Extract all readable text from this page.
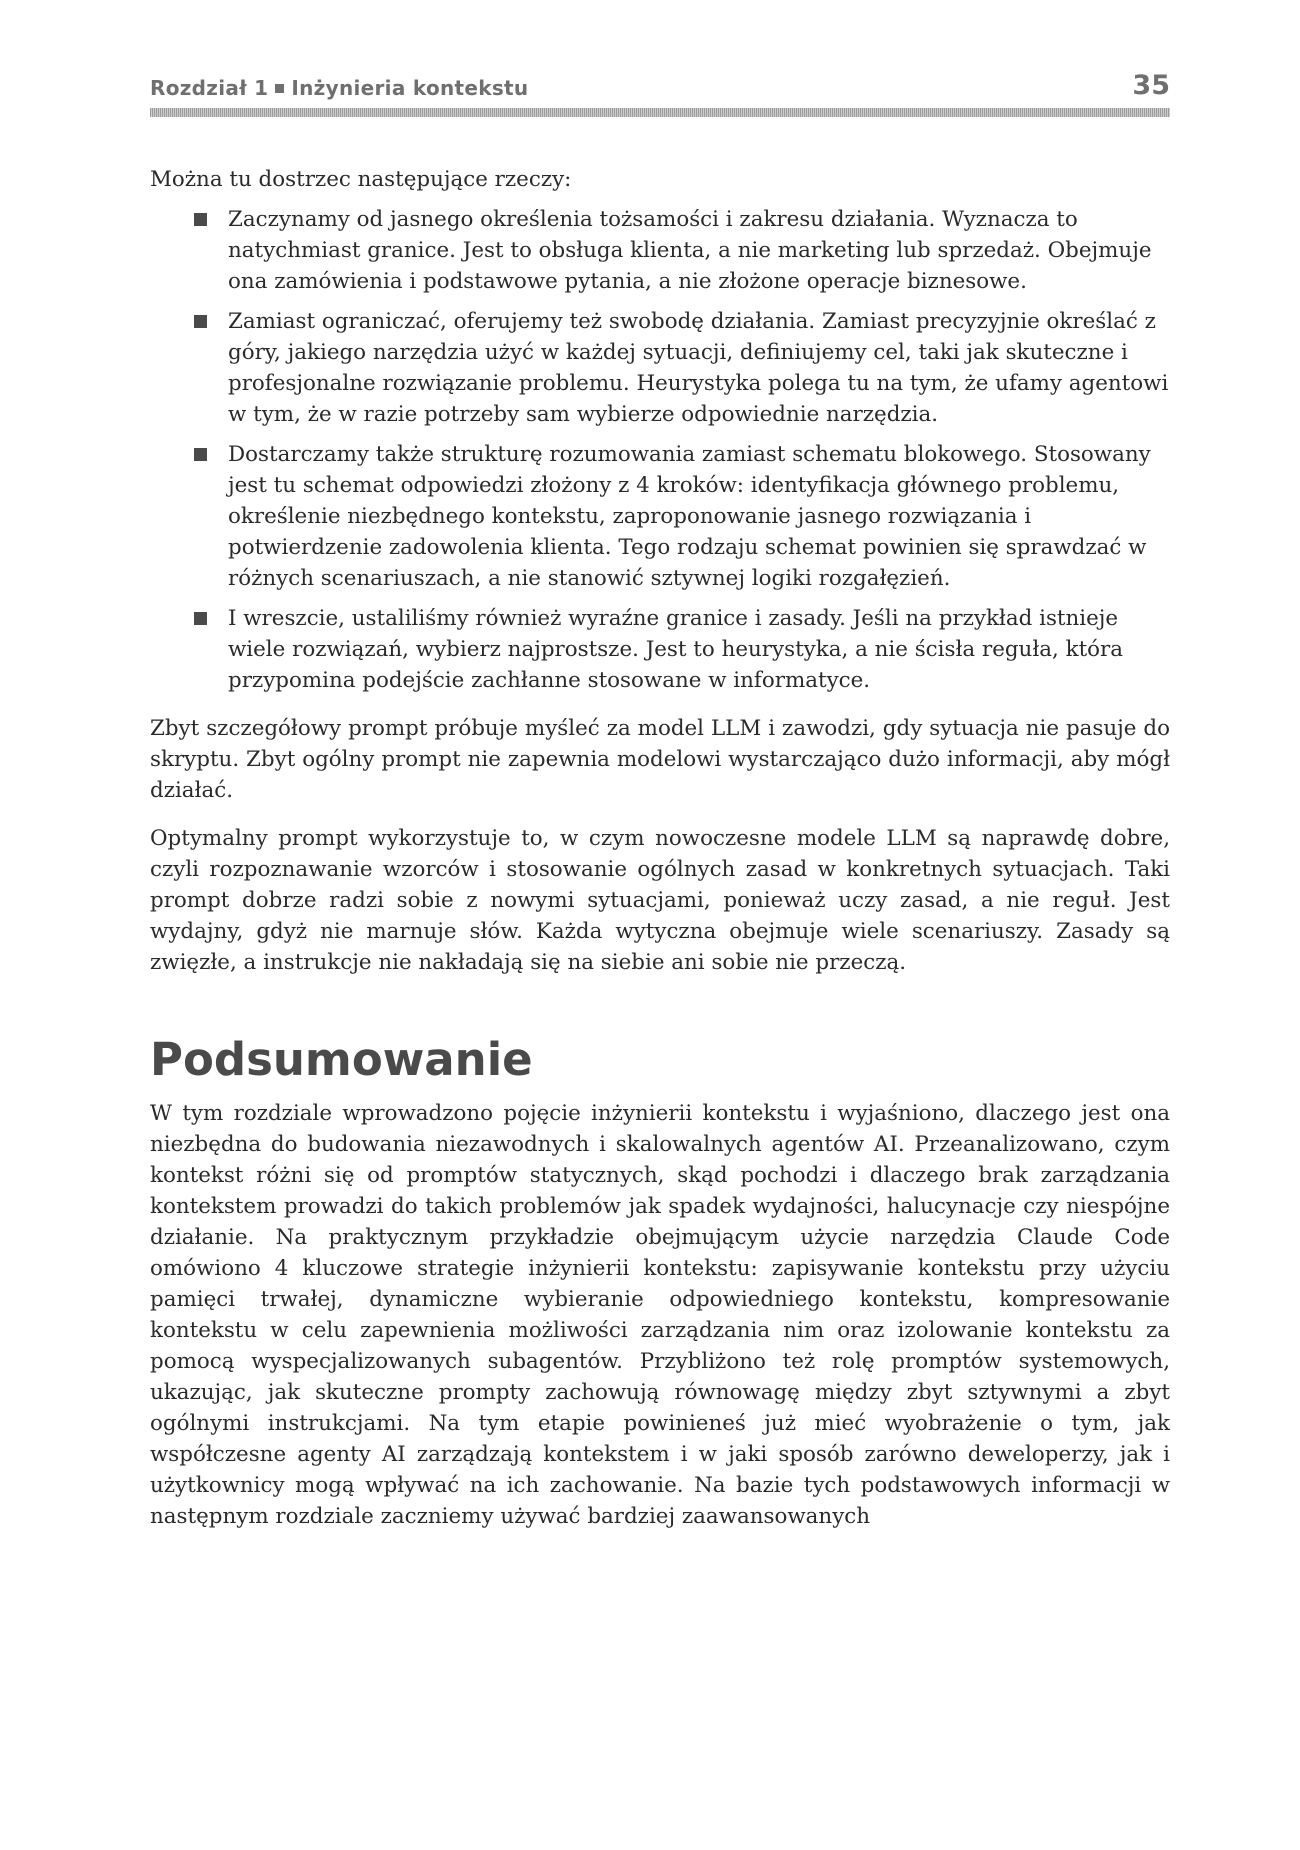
Rozdział 1 Inżynieria kontekstu	35

Można tu dostrzec następujące rzeczy:

Zaczynamy od jasnego określenia tożsamości i zakresu działania. Wyznacza to natychmiast granice. Jest to obsługa klienta, a nie marketing lub sprzedaż. Obejmuje ona zamówienia i podstawowe pytania, a nie złożone operacje biznesowe.
Zamiast ograniczać, oferujemy też swobodę działania. Zamiast precyzyjnie określać z góry, jakiego narzędzia użyć w każdej sytuacji, definiujemy cel, taki jak skuteczne i profesjonalne rozwiązanie problemu. Heurystyka polega tu na tym, że ufamy agentowi w tym, że w razie potrzeby sam wybierze odpowiednie narzędzia.
Dostarczamy także strukturę rozumowania zamiast schematu blokowego. Stosowany jest tu schemat odpowiedzi złożony z 4 kroków: identyfikacja głównego problemu, określenie niezbędnego kontekstu, zaproponowanie jasnego rozwiązania i potwierdzenie zadowolenia klienta. Tego rodzaju schemat powinien się sprawdzać w różnych scenariuszach, a nie stanowić sztywnej logiki rozgałęzień.
I wreszcie, ustaliliśmy również wyraźne granice i zasady. Jeśli na przykład istnieje wiele rozwiązań, wybierz najprostsze. Jest to heurystyka, a nie ścisła reguła, która przypomina podejście zachłanne stosowane w informatyce.

Zbyt szczegółowy prompt próbuje myśleć za model LLM i zawodzi, gdy sytuacja nie pasuje do skryptu. Zbyt ogólny prompt nie zapewnia modelowi wystarczająco dużo informacji, aby mógł działać.

Optymalny prompt wykorzystuje to, w czym nowoczesne modele LLM są naprawdę dobre, czyli rozpoznawanie wzorców i stosowanie ogólnych zasad w konkretnych sytuacjach. Taki prompt dobrze radzi sobie z nowymi sytuacjami, ponieważ uczy zasad, a nie reguł. Jest wydajny, gdyż nie marnuje słów. Każda wytyczna obejmuje wiele scenariuszy. Zasady są zwięzłe, a instrukcje nie nakładają się na siebie ani sobie nie przeczą.

Podsumowanie

W tym rozdziale wprowadzono pojęcie inżynierii kontekstu i wyjaśniono, dlaczego jest ona niezbędna do budowania niezawodnych i skalowalnych agentów AI. Przeanalizowano, czym kontekst różni się od promptów statycznych, skąd pochodzi i dlaczego brak zarządzania kontekstem prowadzi do takich problemów jak spadek wydajności, halucynacje czy niespójne działanie. Na praktycznym przykładzie obejmującym użycie narzędzia Claude Code omówiono 4 kluczowe strategie inżynierii kontekstu: zapisywanie kontekstu przy użyciu pamięci trwałej, dynamiczne wybieranie odpowiedniego kontekstu, kompresowanie kontekstu w celu zapewnienia możliwości zarządzania nim oraz izolowanie kontekstu za pomocą wyspecjalizowanych subagentów. Przybliżono też rolę promptów systemowych, ukazując, jak skuteczne prompty zachowują równowagę między zbyt sztywnymi a zbyt ogólnymi instrukcjami. Na tym etapie powinieneś już mieć wyobrażenie o tym, jak współczesne agenty AI zarządzają kontekstem i w jaki sposób zarówno deweloperzy, jak i użytkownicy mogą wpływać na ich zachowanie. Na bazie tych podstawowych informacji w następnym rozdziale zaczniemy używać bardziej zaawansowanych
